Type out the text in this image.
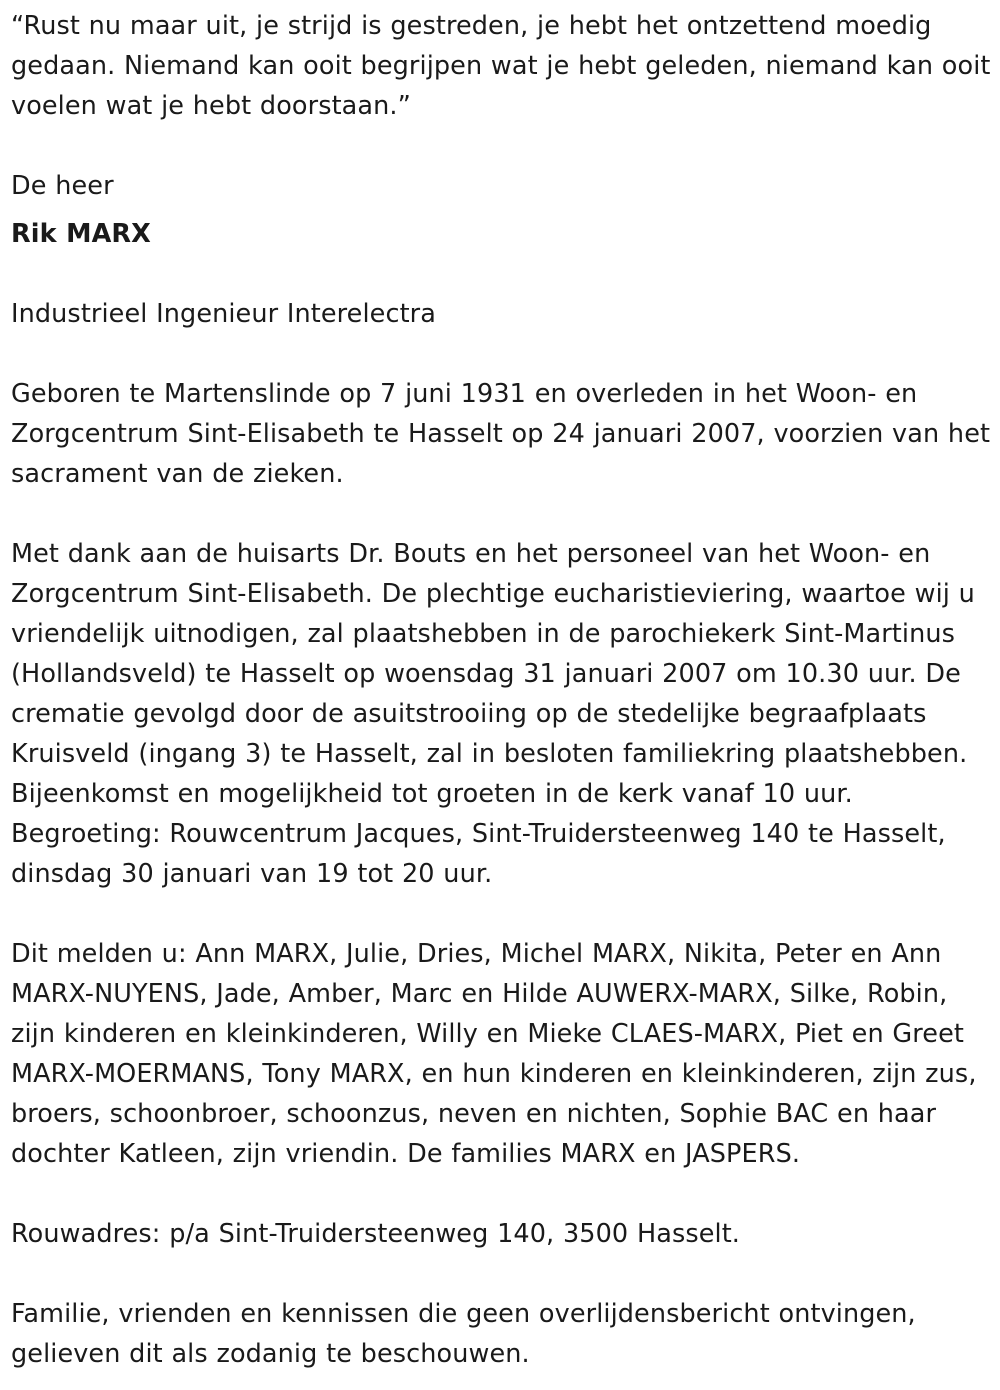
“Rust nu maar uit, je strijd is gestreden, je hebt het ontzettend moedig gedaan. Niemand kan ooit begrijpen wat je hebt geleden, niemand kan ooit voelen wat je hebt doorstaan.”

De heer

Rik MARX

Industrieel Ingenieur Interelectra

Geboren te Martenslinde op 7 juni 1931 en overleden in het Woon- en Zorgcentrum Sint-Elisabeth te Hasselt op 24 januari 2007, voorzien van het sacrament van de zieken.

Met dank aan de huisarts Dr. Bouts en het personeel van het Woon- en Zorgcentrum Sint-Elisabeth. De plechtige eucharistieviering, waartoe wij u vriendelijk uitnodigen, zal plaatshebben in de parochiekerk Sint-Martinus (Hollandsveld) te Hasselt op woensdag 31 januari 2007 om 10.30 uur. De crematie gevolgd door de asuitstrooiing op de stedelijke begraafplaats Kruisveld (ingang 3) te Hasselt, zal in besloten familiekring plaatshebben. Bijeenkomst en mogelijkheid tot groeten in de kerk vanaf 10 uur. Begroeting: Rouwcentrum Jacques, Sint-Truidersteenweg 140 te Hasselt, dinsdag 30 januari van 19 tot 20 uur.

Dit melden u: Ann MARX, Julie, Dries, Michel MARX, Nikita, Peter en Ann MARX-NUYENS, Jade, Amber, Marc en Hilde AUWERX-MARX, Silke, Robin, zijn kinderen en kleinkinderen, Willy en Mieke CLAES-MARX, Piet en Greet MARX-MOERMANS, Tony MARX, en hun kinderen en kleinkinderen, zijn zus, broers, schoonbroer, schoonzus, neven en nichten, Sophie BAC en haar dochter Katleen, zijn vriendin. De families MARX en JASPERS.

Rouwadres: p/a Sint-Truidersteenweg 140, 3500 Hasselt.

Familie, vrienden en kennissen die geen overlijdensbericht ontvingen, gelieven dit als zodanig te beschouwen.
